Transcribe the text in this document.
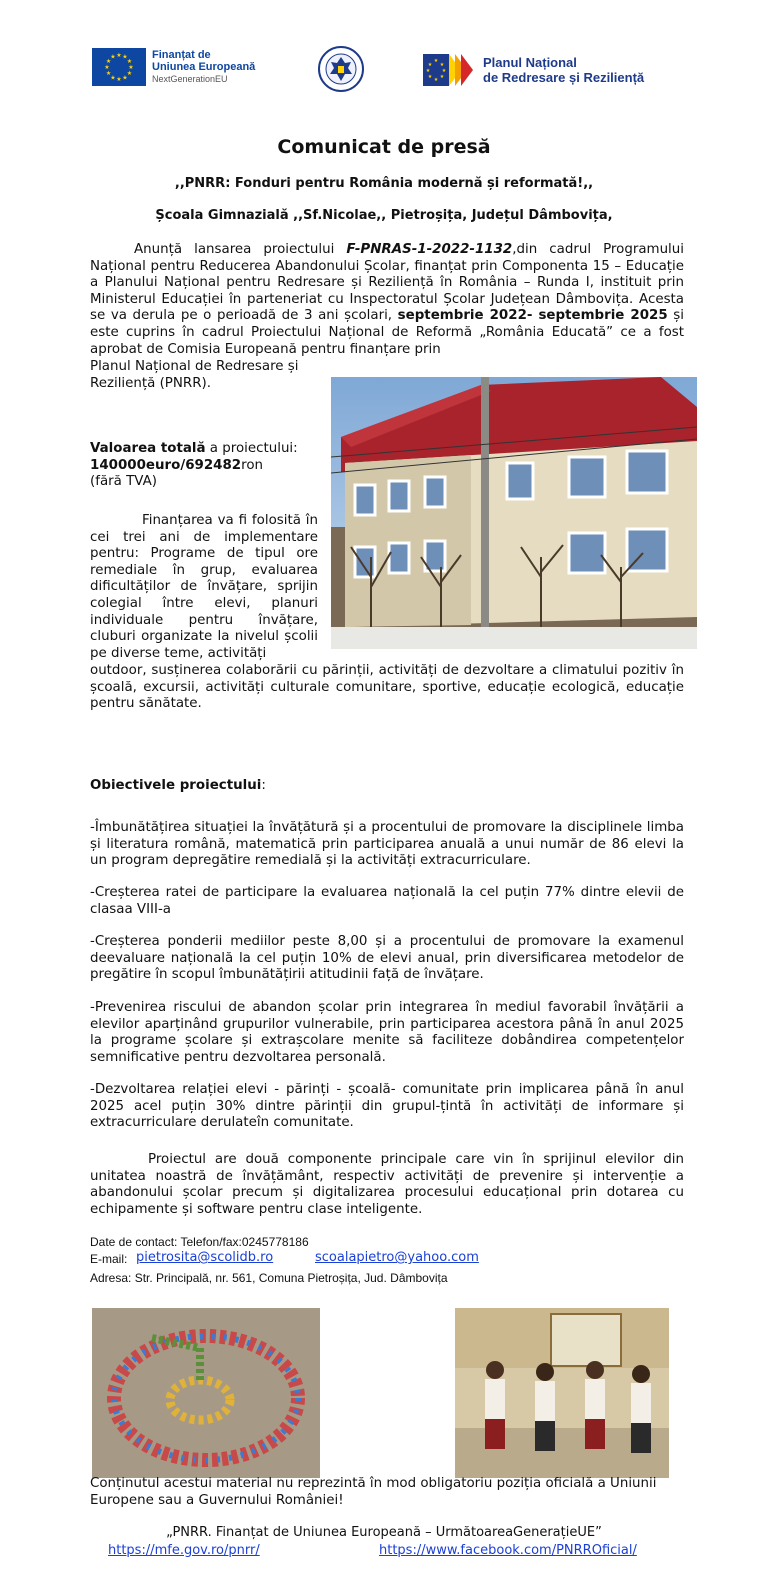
★ ★
★
★
★
★
★
★
★
★
★
★	Finanțat de
Uniunea Europeană
NextGenerationEU
★
★
★
★
★
★
★
★	Planul Național
de Redresare și Reziliență
Comunicat de presă
,,PNRR: Fonduri pentru România modernă și reformată!,,
Școala Gimnazială ,,Sf.Nicolae,, Pietroșița, Județul Dâmbovița,
Anunță lansarea proiectului F-PNRAS-1-2022-1132,din cadrul Programului Național pentru Reducerea Abandonului Școlar, finanțat prin Componenta 15 – Educație a Planului Național pentru Redresare și Reziliență în România – Runda I, instituit prin Ministerul Educației în parteneriat cu Inspectoratul Școlar Județean Dâmbovița. Acesta se va derula pe o perioadă de 3 ani școlari, septembrie 2022- septembrie 2025 și este cuprins în cadrul Proiectului Național de Reformă „România Educată” ce a fost aprobat de Comisia Europeană pentru finanțare prin
Planul Național de Redresare și Reziliență (PNRR).
Valoarea totală a proiectului:
140000euro/692482ron
(fără TVA)
Finanțarea va fi folosită în cei trei ani de implementare pentru: Programe de tipul ore remediale în grup, evaluarea dificultăților de învățare, sprijin colegial între elevi, planuri individuale pentru învățare, cluburi organizate la nivelul școlii pe diverse teme, activități
outdoor, susținerea colaborării cu părinții, activități de dezvoltare a climatului pozitiv în școală, excursii, activități culturale comunitare, sportive, educație ecologică, educație pentru sănătate.
Obiectivele proiectului:
-Îmbunătățirea situației la învățătură și a procentului de promovare la disciplinele limba și literatura română, matematică prin participarea anuală a unui număr de 86 elevi la un program depregătire remedială și la activități extracurriculare.
-Creșterea ratei de participare la evaluarea națională la cel puțin 77% dintre elevii de clasaa VIII-a
-Creșterea ponderii mediilor peste 8,00 și a procentului de promovare la examenul deevaluare națională la cel puțin 10% de elevi anual, prin diversificarea metodelor de pregătire în scopul îmbunătățirii atitudinii față de învățare.
-Prevenirea riscului de abandon școlar prin integrarea în mediul favorabil învățării a elevilor aparținând grupurilor vulnerabile, prin participarea acestora până în anul 2025 la programe școlare și extrașcolare menite să faciliteze dobândirea competențelor semnificative pentru dezvoltarea personală.
-Dezvoltarea relației elevi - părinți - școală- comunitate prin implicarea până în anul 2025 acel puțin 30% dintre părinții din grupul-țintă în activități de informare și extracurriculare derulateîn comunitate.
Proiectul are două componente principale care vin în sprijinul elevilor din unitatea noastră de învățământ, respectiv activități de prevenire și intervenție a abandonului școlar precum și digitalizarea procesului educațional prin dotarea cu echipamente și software pentru clase inteligente.
Date de contact: Telefon/fax:0245778186
E-mail: pietrosita@scolidb.ro	scoalapietro@yahoo.com
Adresa: Str. Principală, nr. 561, Comuna Pietroșița, Jud. Dâmbovița
Conținutul acestui material nu reprezintă în mod obligatoriu poziția oficială a Uniunii Europene sau a Guvernului României!
„PNRR. Finanțat de Uniunea Europeană – UrmătoareaGenerațieUE”
https://mfe.gov.ro/pnrr/	https://www.facebook.com/PNRROficial/
